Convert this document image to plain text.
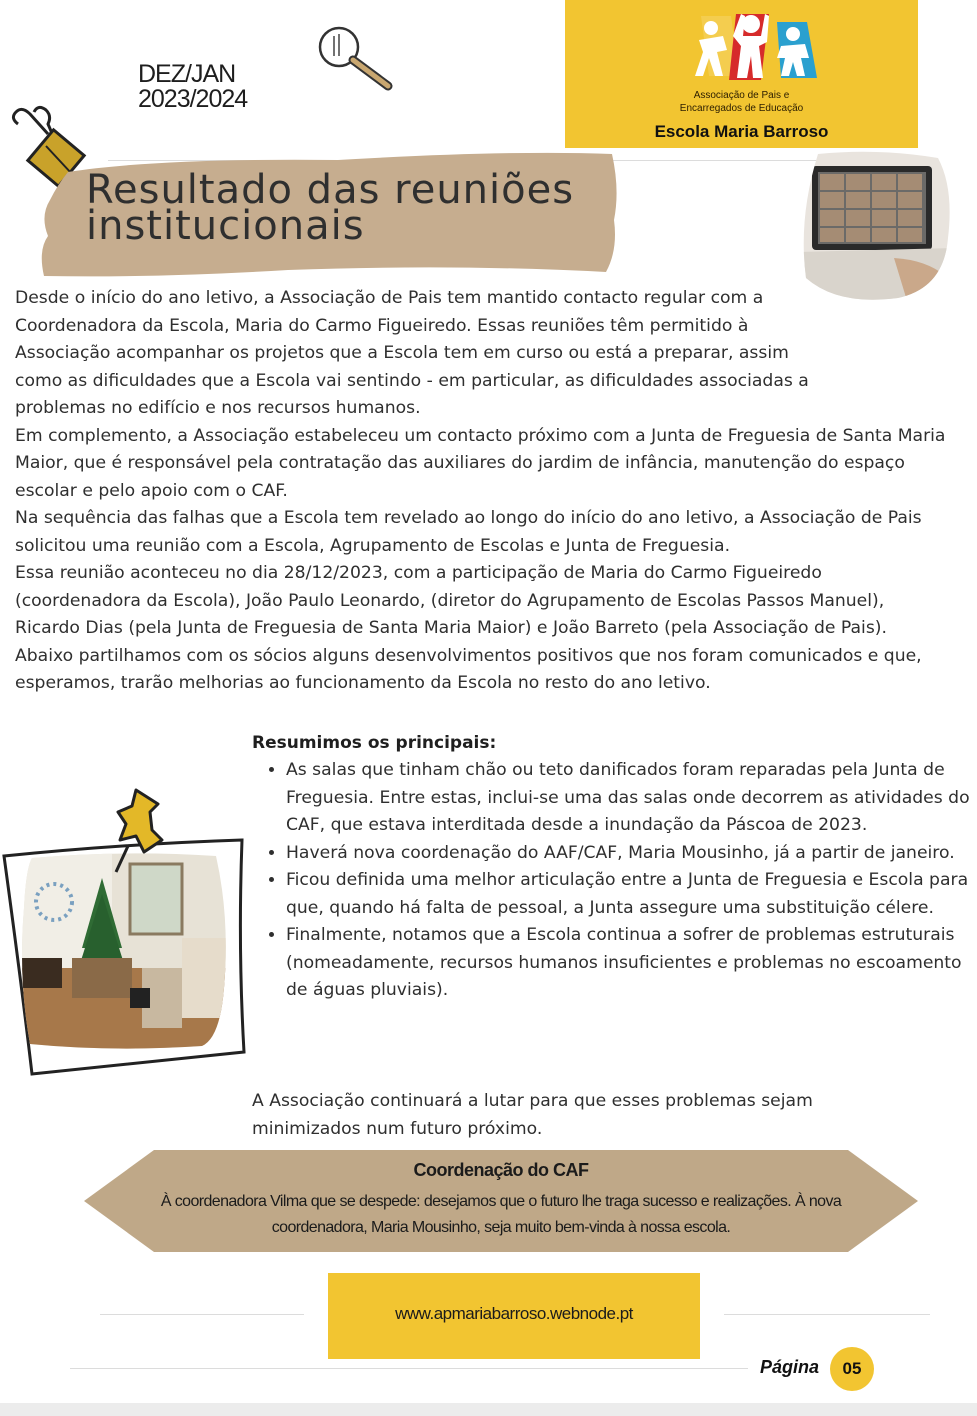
DEZ/JAN
2023/2024	Associação de Pais e
Encarregados de Educação
Escola Maria Barroso
Resultado das reuniões
institucionais

Desde o início do ano letivo, a Associação de Pais tem mantido contacto regular com a Coordenadora da Escola, Maria do Carmo Figueiredo. Essas reuniões têm permitido à Associação acompanhar os projetos que a Escola tem em curso ou está a preparar, assim como as dificuldades que a Escola vai sentindo - em particular, as dificuldades associadas a problemas no edifício e nos recursos humanos.

Em complemento, a Associação estabeleceu um contacto próximo com a Junta de Freguesia de Santa Maria Maior, que é responsável pela contratação das auxiliares do jardim de infância, manutenção do espaço escolar e pelo apoio com o CAF.

Na sequência das falhas que a Escola tem revelado ao longo do início do ano letivo, a Associação de Pais solicitou uma reunião com a Escola, Agrupamento de Escolas e Junta de Freguesia.

Essa reunião aconteceu no dia 28/12/2023, com a participação de Maria do Carmo Figueiredo (coordenadora da Escola), João Paulo Leonardo, (diretor do Agrupamento de Escolas Passos Manuel), Ricardo Dias (pela Junta de Freguesia de Santa Maria Maior) e João Barreto (pela Associação de Pais).

Abaixo partilhamos com os sócios alguns desenvolvimentos positivos que nos foram comunicados e que, esperamos, trarão melhorias ao funcionamento da Escola no resto do ano letivo.

Resumimos os principais:
• As salas que tinham chão ou teto danificados foram reparadas pela Junta de Freguesia. Entre estas, inclui-se uma das salas onde decorrem as atividades do CAF, que estava interditada desde a inundação da Páscoa de 2023.
• Haverá nova coordenação do AAF/CAF, Maria Mousinho, já a partir de janeiro.
• Ficou definida uma melhor articulação entre a Junta de Freguesia e Escola para que, quando há falta de pessoal, a Junta assegure uma substituição célere.
• Finalmente, notamos que a Escola continua a sofrer de problemas estruturais (nomeadamente, recursos humanos insuficientes e problemas no escoamento de águas pluviais).
A Associação continuará a lutar para que esses problemas sejam minimizados num futuro próximo.
Coordenação do CAF
À coordenadora Vilma que se despede: desejamos que o futuro lhe traga sucesso e realizações. À nova coordenadora, Maria Mousinho, seja muito bem-vinda à nossa escola.
www.apmariabarroso.webnode.pt
Página	05
